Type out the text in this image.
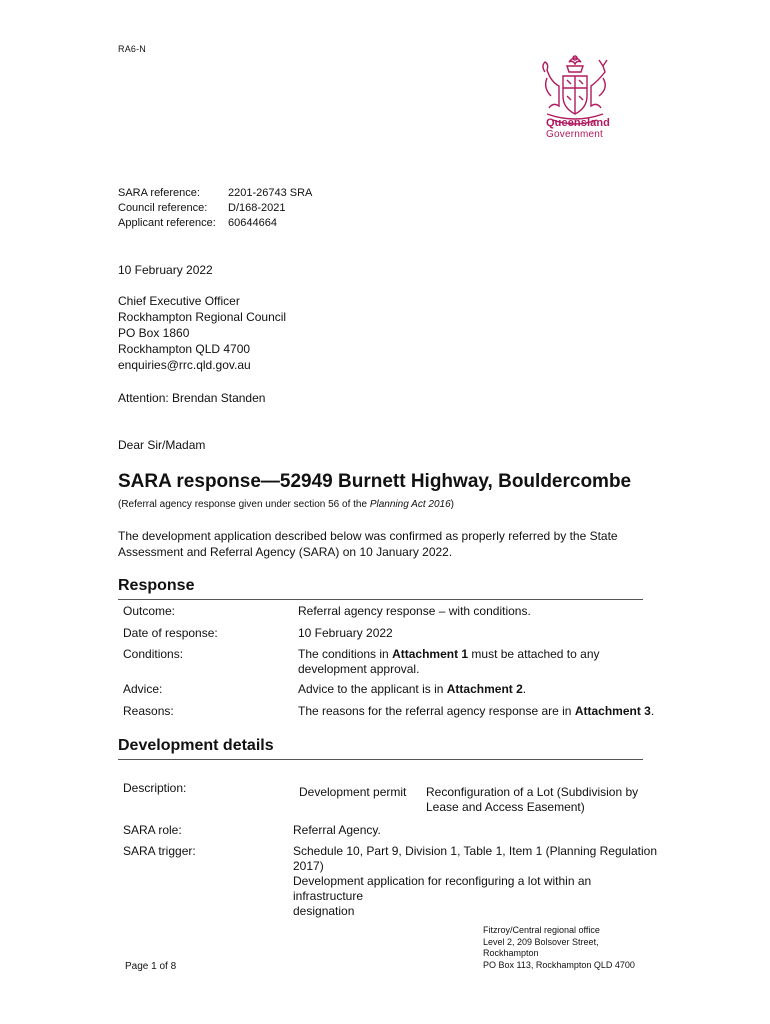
RA6-N
Queensland
Government
SARA reference:	2201-26743 SRA
Council reference: D/168-2021
Applicant reference: 60644664
10 February 2022
Chief Executive Officer
Rockhampton Regional Council
PO Box 1860
Rockhampton QLD 4700
enquiries@rrc.qld.gov.au
Attention: Brendan Standen
Dear Sir/Madam
SARA response—52949 Burnett Highway, Bouldercombe
(Referral agency response given under section 56 of the Planning Act 2016)
The development application described below was confirmed as properly referred by the State
Assessment and Referral Agency (SARA) on 10 January 2022.
Response
Outcome:	Referral agency response – with conditions.
Date of response:	10 February 2022
Conditions:	The conditions in Attachment 1 must be attached to any
development approval.
Advice:	Advice to the applicant is in Attachment 2.
Reasons:	The reasons for the referral agency response are in Attachment 3.
Development details
Description:	Development permit Reconfiguration of a Lot (Subdivision by
Lease and Access Easement)
SARA role:	Referral Agency.
SARA trigger:	Schedule 10, Part 9, Division 1, Table 1, Item 1 (Planning Regulation
2017)
Development application for reconfiguring a lot within an infrastructure
designation
Fitzroy/Central regional office
Level 2, 209 Bolsover Street,
Rockhampton
PO Box 113, Rockhampton QLD 4700
Page 1 of 8
